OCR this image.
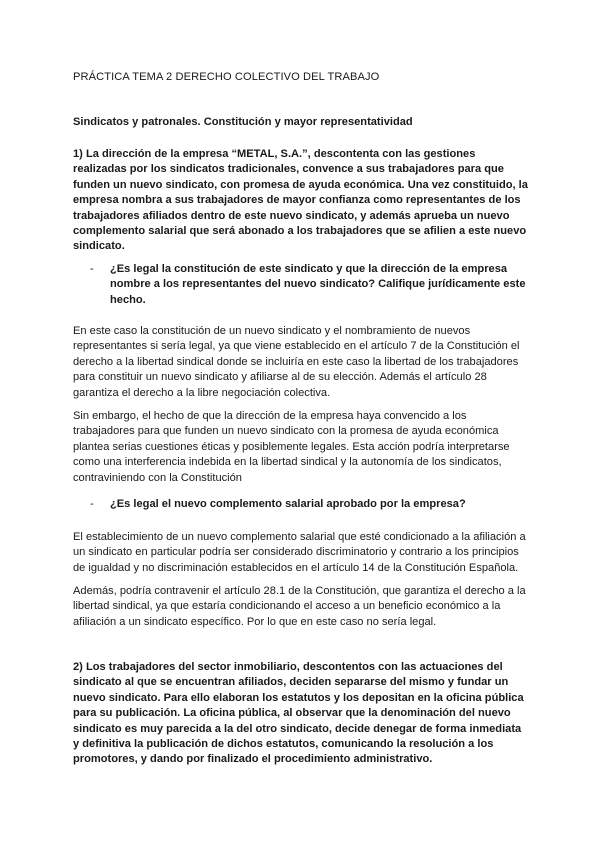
PRÁCTICA TEMA 2 DERECHO COLECTIVO DEL TRABAJO
Sindicatos y patronales. Constitución y mayor representatividad

1) La dirección de la empresa “METAL, S.A.”, descontenta con las gestiones realizadas por los sindicatos tradicionales, convence a sus trabajadores para que funden un nuevo sindicato, con promesa de ayuda económica. Una vez constituido, la empresa nombra a sus trabajadores de mayor confianza como representantes de los trabajadores afiliados dentro de este nuevo sindicato, y además aprueba un nuevo complemento salarial que será abonado a los trabajadores que se afilien a este nuevo sindicato.

- ¿Es legal la constitución de este sindicato y que la dirección de la empresa nombre a los representantes del nuevo sindicato? Califique jurídicamente este hecho.

En este caso la constitución de un nuevo sindicato y el nombramiento de nuevos representantes si sería legal, ya que viene establecido en el artículo 7 de la Constitución el derecho a la libertad sindical donde se incluiría en este caso la libertad de los trabajadores para constituir un nuevo sindicato y afiliarse al de su elección. Además el artículo 28 garantiza el derecho a la libre negociación colectiva.

Sin embargo, el hecho de que la dirección de la empresa haya convencido a los trabajadores para que funden un nuevo sindicato con la promesa de ayuda económica plantea serias cuestiones éticas y posiblemente legales. Esta acción podría interpretarse como una interferencia indebida en la libertad sindical y la autonomía de los sindicatos, contraviniendo con la Constitución

- ¿Es legal el nuevo complemento salarial aprobado por la empresa?

El establecimiento de un nuevo complemento salarial que esté condicionado a la afiliación a un sindicato en particular podría ser considerado discriminatorio y contrario a los principios de igualdad y no discriminación establecidos en el artículo 14 de la Constitución Española.

Además, podría contravenir el artículo 28.1 de la Constitución, que garantiza el derecho a la libertad sindical, ya que estaría condicionando el acceso a un beneficio económico a la afiliación a un sindicato específico. Por lo que en este caso no sería legal.

2) Los trabajadores del sector inmobiliario, descontentos con las actuaciones del sindicato al que se encuentran afiliados, deciden separarse del mismo y fundar un nuevo sindicato. Para ello elaboran los estatutos y los depositan en la oficina pública para su publicación. La oficina pública, al observar que la denominación del nuevo sindicato es muy parecida a la del otro sindicato, decide denegar de forma inmediata y definitiva la publicación de dichos estatutos, comunicando la resolución a los promotores, y dando por finalizado el procedimiento administrativo.
